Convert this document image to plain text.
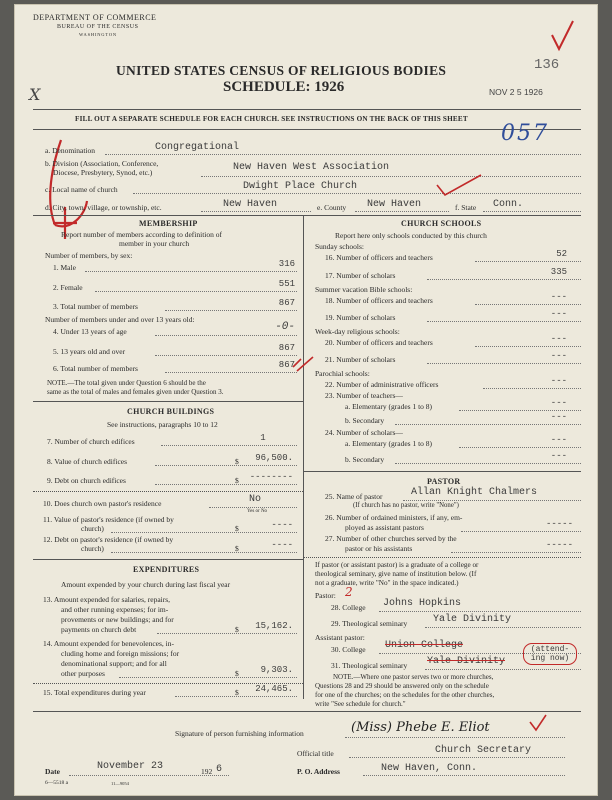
DEPARTMENT OF COMMERCE
BUREAU OF THE CENSUS
WASHINGTON
UNITED STATES CENSUS OF RELIGIOUS BODIES
SCHEDULE: 1926	NOV 2 5 1926
136
X
FILL OUT A SEPARATE SCHEDULE FOR EACH CHURCH. SEE INSTRUCTIONS ON THE BACK OF THIS SHEET
057
a. Denomination	Congregational
b. Division (Association, Conference,
Diocese, Presbytery, Synod, etc.)	New Haven West Association
c. Local name of church	Dwight Place Church
d. City, town, village, or township, etc.	New Haven	e. County New Haven	f. State Conn.
MEMBERSHIP
Report number of members according to definition of
member in your church
Number of members, by sex:
1. Male	316
2. Female	551
3. Total number of members	867
Number of members under and over 13 years old:
4. Under 13 years of age	-0-
5. 13 years old and over	867
6. Total number of members	867
NOTE.—The total given under Question 6 should be the
same as the total of males and females given under Question 3.
CHURCH BUILDINGS
See instructions, paragraphs 10 to 12
7. Number of church edifices	1
8. Value of church edifices	$	96,500.
9. Debt on church edifices	$	--------
10. Does church own pastor's residence	No
Yes or No
11. Value of pastor's residence (if owned by
church)	$	----
12. Debt on pastor's residence (if owned by
church)	$	----
EXPENDITURES
Amount expended by your church during last fiscal year
13. Amount expended for salaries, repairs,
and other running expenses; for im-
provements or new buildings; and for
payments on church debt	$	15,162.
14. Amount expended for benevolences, in-
cluding home and foreign missions; for
denominational support; and for all
other purposes	$	9,303.
15. Total expenditures during year	$	24,465.
CHURCH SCHOOLS
Report here only schools conducted by this church
Sunday schools:
16. Number of officers and teachers	52
17. Number of scholars	335
Summer vacation Bible schools:
18. Number of officers and teachers	---
19. Number of scholars	---
Week-day religious schools:
20. Number of officers and teachers	---
21. Number of scholars	---
Parochial schools:
22. Number of administrative officers	---
23. Number of teachers—
a. Elementary (grades 1 to 8)	---
b. Secondary	---
24. Number of scholars—
a. Elementary (grades 1 to 8)	---
b. Secondary	---
PASTOR
25. Name of pastor	Allan Knight Chalmers
(If church has no pastor, write "None")
26. Number of ordained ministers, if any, em-
ployed as assistant pastors	-----
27. Number of other churches served by the
pastor or his assistants	-----
If pastor (or assistant pastor) is a graduate of a college or
theological seminary, give name of institution below. (If
not a graduate, write "No" in the space indicated.)
Pastor: 2
28. College Johns Hopkins
29. Theological seminary	Yale Divinity
Assistant pastor:
30. College Union College
31. Theological seminary Yale Divinity
(attend-ing now)
NOTE.—Where one pastor serves two or more churches,
Questions 28 and 29 should be answered only on the schedule
for one of the churches; on the schedules for the other churches,
write "See schedule for church."
Signature of person furnishing information	(Miss) Phebe E. Eliot
Official title	Church Secretary
Date	November 23	192 6	P. O. Address	New Haven, Conn.
6—5518 a	11—9054
